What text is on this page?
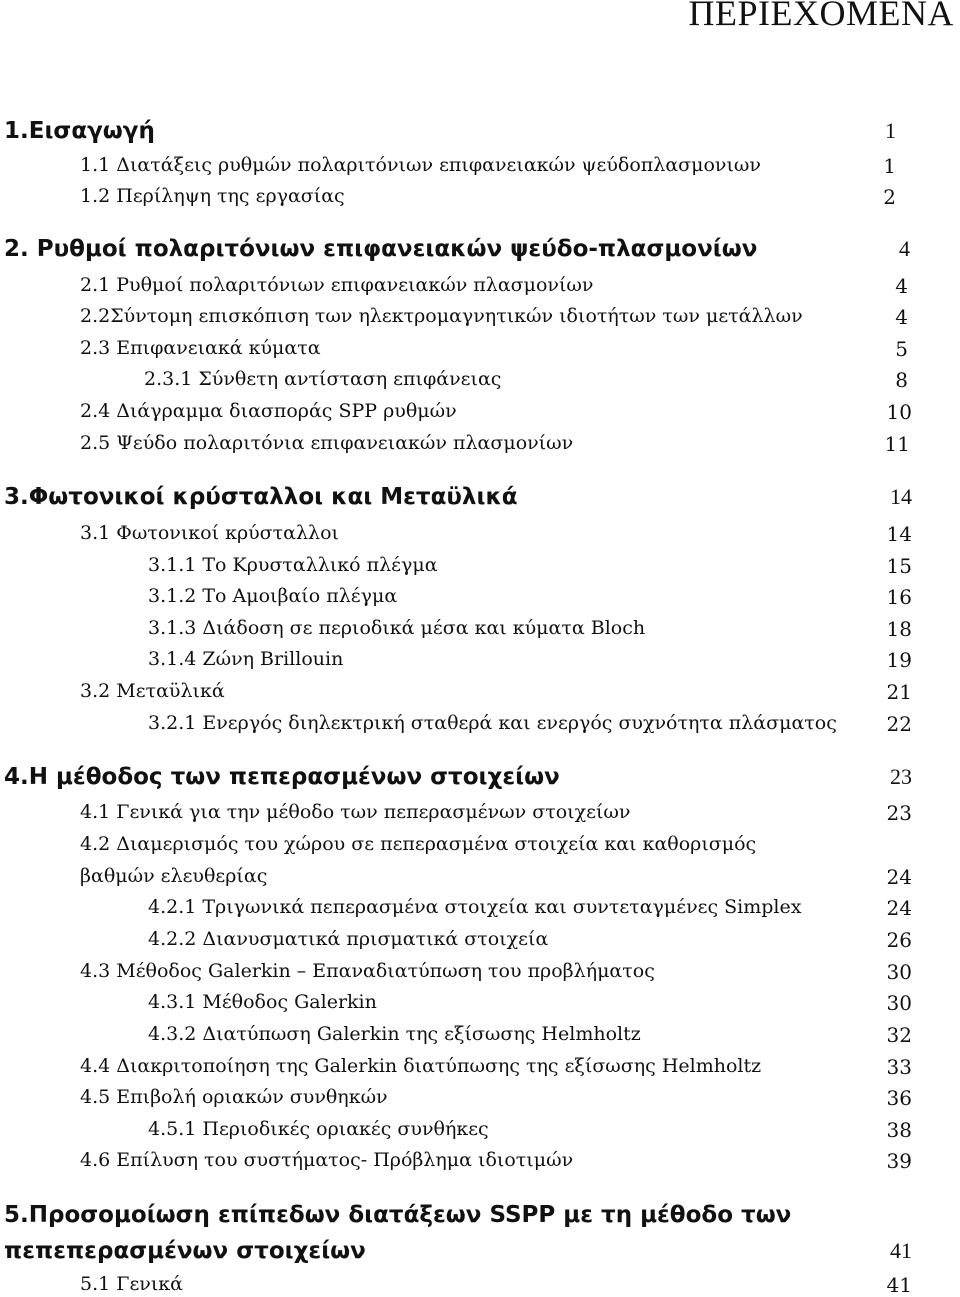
ΠΕΡΙΕΧΟΜΕΝΑ
1.Εισαγωγή	1
1.1 Διατάξεις ρυθμών πολαριτόνιων επιφανειακών ψεύδοπλασμονιων	1
1.2 Περίληψη της εργασίας	2
2. Ρυθμοί πολαριτόνιων επιφανειακών ψεύδο-πλασμονίων	4
2.1 Ρυθμοί πολαριτόνιων επιφανειακών πλασμονίων	4
2.2Σύντομη επισκόπιση των ηλεκτρομαγνητικών ιδιοτήτων των μετάλλων	4
2.3 Επιφανειακά κύματα	5
2.3.1 Σύνθετη αντίσταση επιφάνειας	8
2.4 Διάγραμμα διασποράς SPP ρυθμών	10
2.5 Ψεύδο πολαριτόνια επιφανειακών πλασμονίων	11
3.Φωτονικοί κρύσταλλοι και Μεταϋλικά	14
3.1 Φωτονικοί κρύσταλλοι	14
3.1.1 Το Κρυσταλλικό πλέγμα	15
3.1.2 Το Αμοιβαίο πλέγμα	16
3.1.3 Διάδοση σε περιοδικά μέσα και κύματα Bloch	18
3.1.4 Ζώνη Brillouin	19
3.2 Μεταϋλικά	21
3.2.1 Ενεργός διηλεκτρική σταθερά και ενεργός συχνότητα πλάσματος 22
4.Η μέθοδος των πεπερασμένων στοιχείων	23
4.1 Γενικά για την μέθοδο των πεπερασμένων στοιχείων	23
4.2 Διαμερισμός του χώρου σε πεπερασμένα στοιχεία και καθορισμός
βαθμών ελευθερίας	24
4.2.1 Τριγωνικά πεπερασμένα στοιχεία και συντεταγμένες Simplex	24
4.2.2 Διανυσματικά πρισματικά στοιχεία	26
4.3 Μέθοδος Galerkin – Επαναδιατύπωση του προβλήματος	30
4.3.1 Μέθοδος Galerkin	30
4.3.2 Διατύπωση Galerkin της εξίσωσης Helmholtz	32
4.4 Διακριτοποίηση της Galerkin διατύπωσης της εξίσωσης Helmholtz	33
4.5 Επιβολή οριακών συνθηκών	36
4.5.1 Περιοδικές οριακές συνθήκες	38
4.6 Επίλυση του συστήματος- Πρόβλημα ιδιοτιμών	39
5.Προσομοίωση επίπεδων διατάξεων SSPP με τη μέθοδο των
πεπεπερασμένων στοιχείων	41
5.1 Γενικά	41
